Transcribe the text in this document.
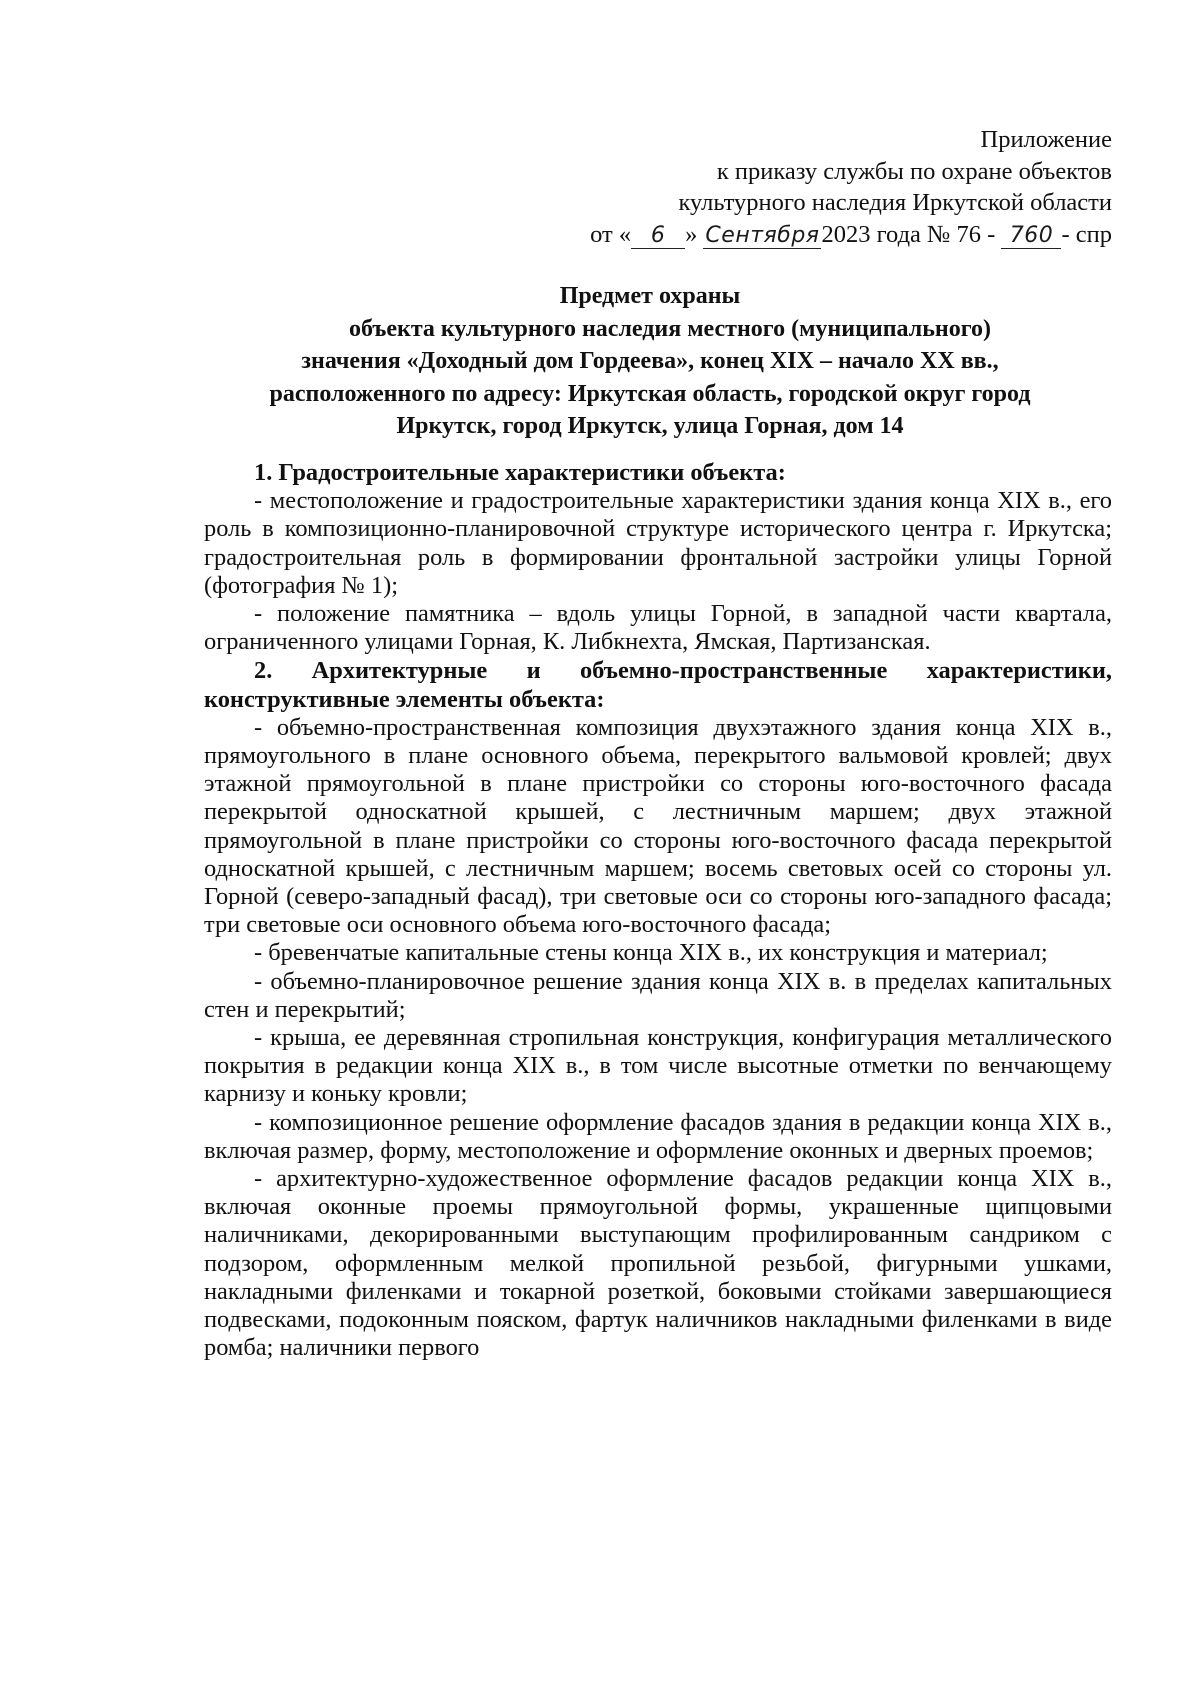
Приложение
к приказу службы по охране объектов
культурного наследия Иркутской области
от « 6 » Сентября2023 года № 76 - 760 - спр
Предмет охраны
объекта культурного наследия местного (муниципального)
значения «Доходный дом Гордеева», конец XIX – начало XX вв.,
расположенного по адресу: Иркутская область, городской округ город
Иркутск, город Иркутск, улица Горная, дом 14

1. Градостроительные характеристики объекта:

- местоположение и градостроительные характеристики здания конца XIX в., его роль в композиционно-планировочной структуре исторического центра г. Иркутска; градостроительная роль в формировании фронтальной застройки улицы Горной (фотография № 1);

- положение памятника – вдоль улицы Горной, в западной части квартала, ограниченного улицами Горная, К. Либкнехта, Ямская, Партизанская.

2. Архитектурные и объемно-пространственные характеристики, конструктивные элементы объекта:

- объемно-пространственная композиция двухэтажного здания конца XIX в., прямоугольного в плане основного объема, перекрытого вальмовой кровлей; двух этажной прямоугольной в плане пристройки со стороны юго-восточного фасада перекрытой односкатной крышей, с лестничным маршем; двух этажной прямоугольной в плане пристройки со стороны юго-восточного фасада перекрытой односкатной крышей, с лестничным маршем; восемь световых осей со стороны ул. Горной (северо-западный фасад), три световые оси со стороны юго-западного фасада; три световые оси основного объема юго-восточного фасада;

- бревенчатые капитальные стены конца XIX в., их конструкция и материал;

- объемно-планировочное решение здания конца XIX в. в пределах капитальных стен и перекрытий;

- крыша, ее деревянная стропильная конструкция, конфигурация металлического покрытия в редакции конца XIX в., в том числе высотные отметки по венчающему карнизу и коньку кровли;

- композиционное решение оформление фасадов здания в редакции конца XIX в., включая размер, форму, местоположение и оформление оконных и дверных проемов;

- архитектурно-художественное оформление фасадов редакции конца XIX в., включая оконные проемы прямоугольной формы, украшенные щипцовыми наличниками, декорированными выступающим профилированным сандриком с подзором, оформленным мелкой пропильной резьбой, фигурными ушками, накладными филенками и токарной розеткой, боковыми стойками завершающиеся подвесками, подоконным пояском, фартук наличников накладными филенками в виде ромба; наличники первого
